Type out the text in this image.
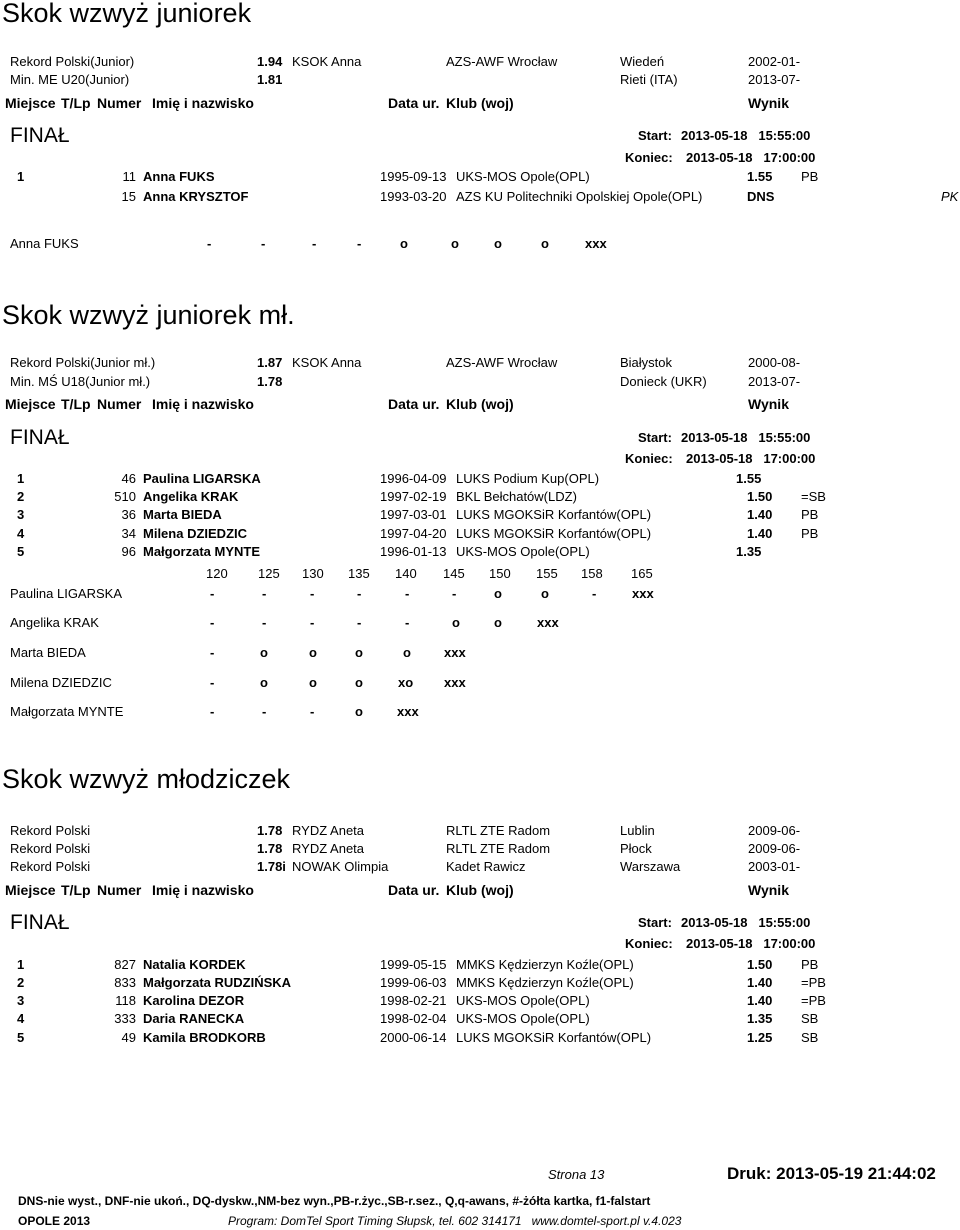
Skok wzwyż juniorek
Rekord Polski(Junior)	1.94 KSOK Anna	AZS-AWF Wrocław	Wiedeń	2002-01-
Min. ME U20(Junior)	1.81	Rieti (ITA)	2013-07-
Miejsce T/Lp Numer Imię i nazwisko	Data ur. Klub (woj)	Wynik
FINAŁ	Start: 2013-05-18   15:55:00
Koniec: 2013-05-18   17:00:00
1	11 Anna FUKS	1995-09-13 UKS-MOS Opole(OPL)	1.55 PB
15 Anna KRYSZTOF	1993-03-20 AZS KU Politechniki Opolskiej Opole(OPL)	DNS	PK
Anna FUKS	-	-	-	-	o	o	o	o	xxx
Skok wzwyż juniorek mł.
Rekord Polski(Junior mł.)	1.87 KSOK Anna	AZS-AWF Wrocław	Białystok	2000-08-
Min. MŚ U18(Junior mł.)	1.78	Donieck (UKR)	2013-07-
Miejsce T/Lp Numer Imię i nazwisko	Data ur. Klub (woj)	Wynik
FINAŁ	Start: 2013-05-18   15:55:00
Koniec: 2013-05-18   17:00:00
1	46 Paulina LIGARSKA	1996-04-09 LUKS Podium Kup(OPL)	1.55
2	510 Angelika KRAK	1997-02-19 BKL Bełchatów(LDZ)	1.50 =SB
3	36 Marta BIEDA	1997-03-01 LUKS MGOKSiR Korfantów(OPL)	1.40 PB
4	34 Milena DZIEDZIC	1997-04-20 LUKS MGOKSiR Korfantów(OPL)	1.40 PB
5	96 Małgorzata MYNTE	1996-01-13 UKS-MOS Opole(OPL)	1.35
120 125 130 135 140 145 150 155 158 165
Paulina LIGARSKA	-	-	-	-	-	-	o	o	-	xxx
Angelika KRAK	-	-	-	-	-	o	o	xxx
Marta BIEDA	-	o	o	o	o	xxx
Milena DZIEDZIC	-	o	o	o	xo xxx
Małgorzata MYNTE	-	-	-	o	xxx
Skok wzwyż młodziczek
Rekord Polski	1.78 RYDZ Aneta	RLTL ZTE Radom	Lublin	2009-06-
Rekord Polski	1.78 RYDZ Aneta	RLTL ZTE Radom	Płock	2009-06-
Rekord Polski	1.78i NOWAK Olimpia	Kadet Rawicz	Warszawa	2003-01-
Miejsce T/Lp Numer Imię i nazwisko	Data ur. Klub (woj)	Wynik
FINAŁ	Start: 2013-05-18   15:55:00
Koniec: 2013-05-18   17:00:00
1	827 Natalia KORDEK	1999-05-15 MMKS Kędzierzyn Koźle(OPL)	1.50 PB
2	833 Małgorzata RUDZIŃSKA	1999-06-03 MMKS Kędzierzyn Koźle(OPL)	1.40 =PB
3	118 Karolina DEZOR	1998-02-21 UKS-MOS Opole(OPL)	1.40 =PB
4	333 Daria RANECKA	1998-02-04 UKS-MOS Opole(OPL)	1.35 SB
5	49 Kamila BRODKORB	2000-06-14 LUKS MGOKSiR Korfantów(OPL)	1.25 SB
Strona 13	Druk: 2013-05-19 21:44:02
DNS-nie wyst., DNF-nie ukoń., DQ-dyskw.,NM-bez wyn.,PB-r.życ.,SB-r.sez., Q,q-awans, #-żółta kartka, f1-falstart
OPOLE 2013	Program: DomTel Sport Timing Słupsk, tel. 602 314171   www.domtel-sport.pl v.4.023
